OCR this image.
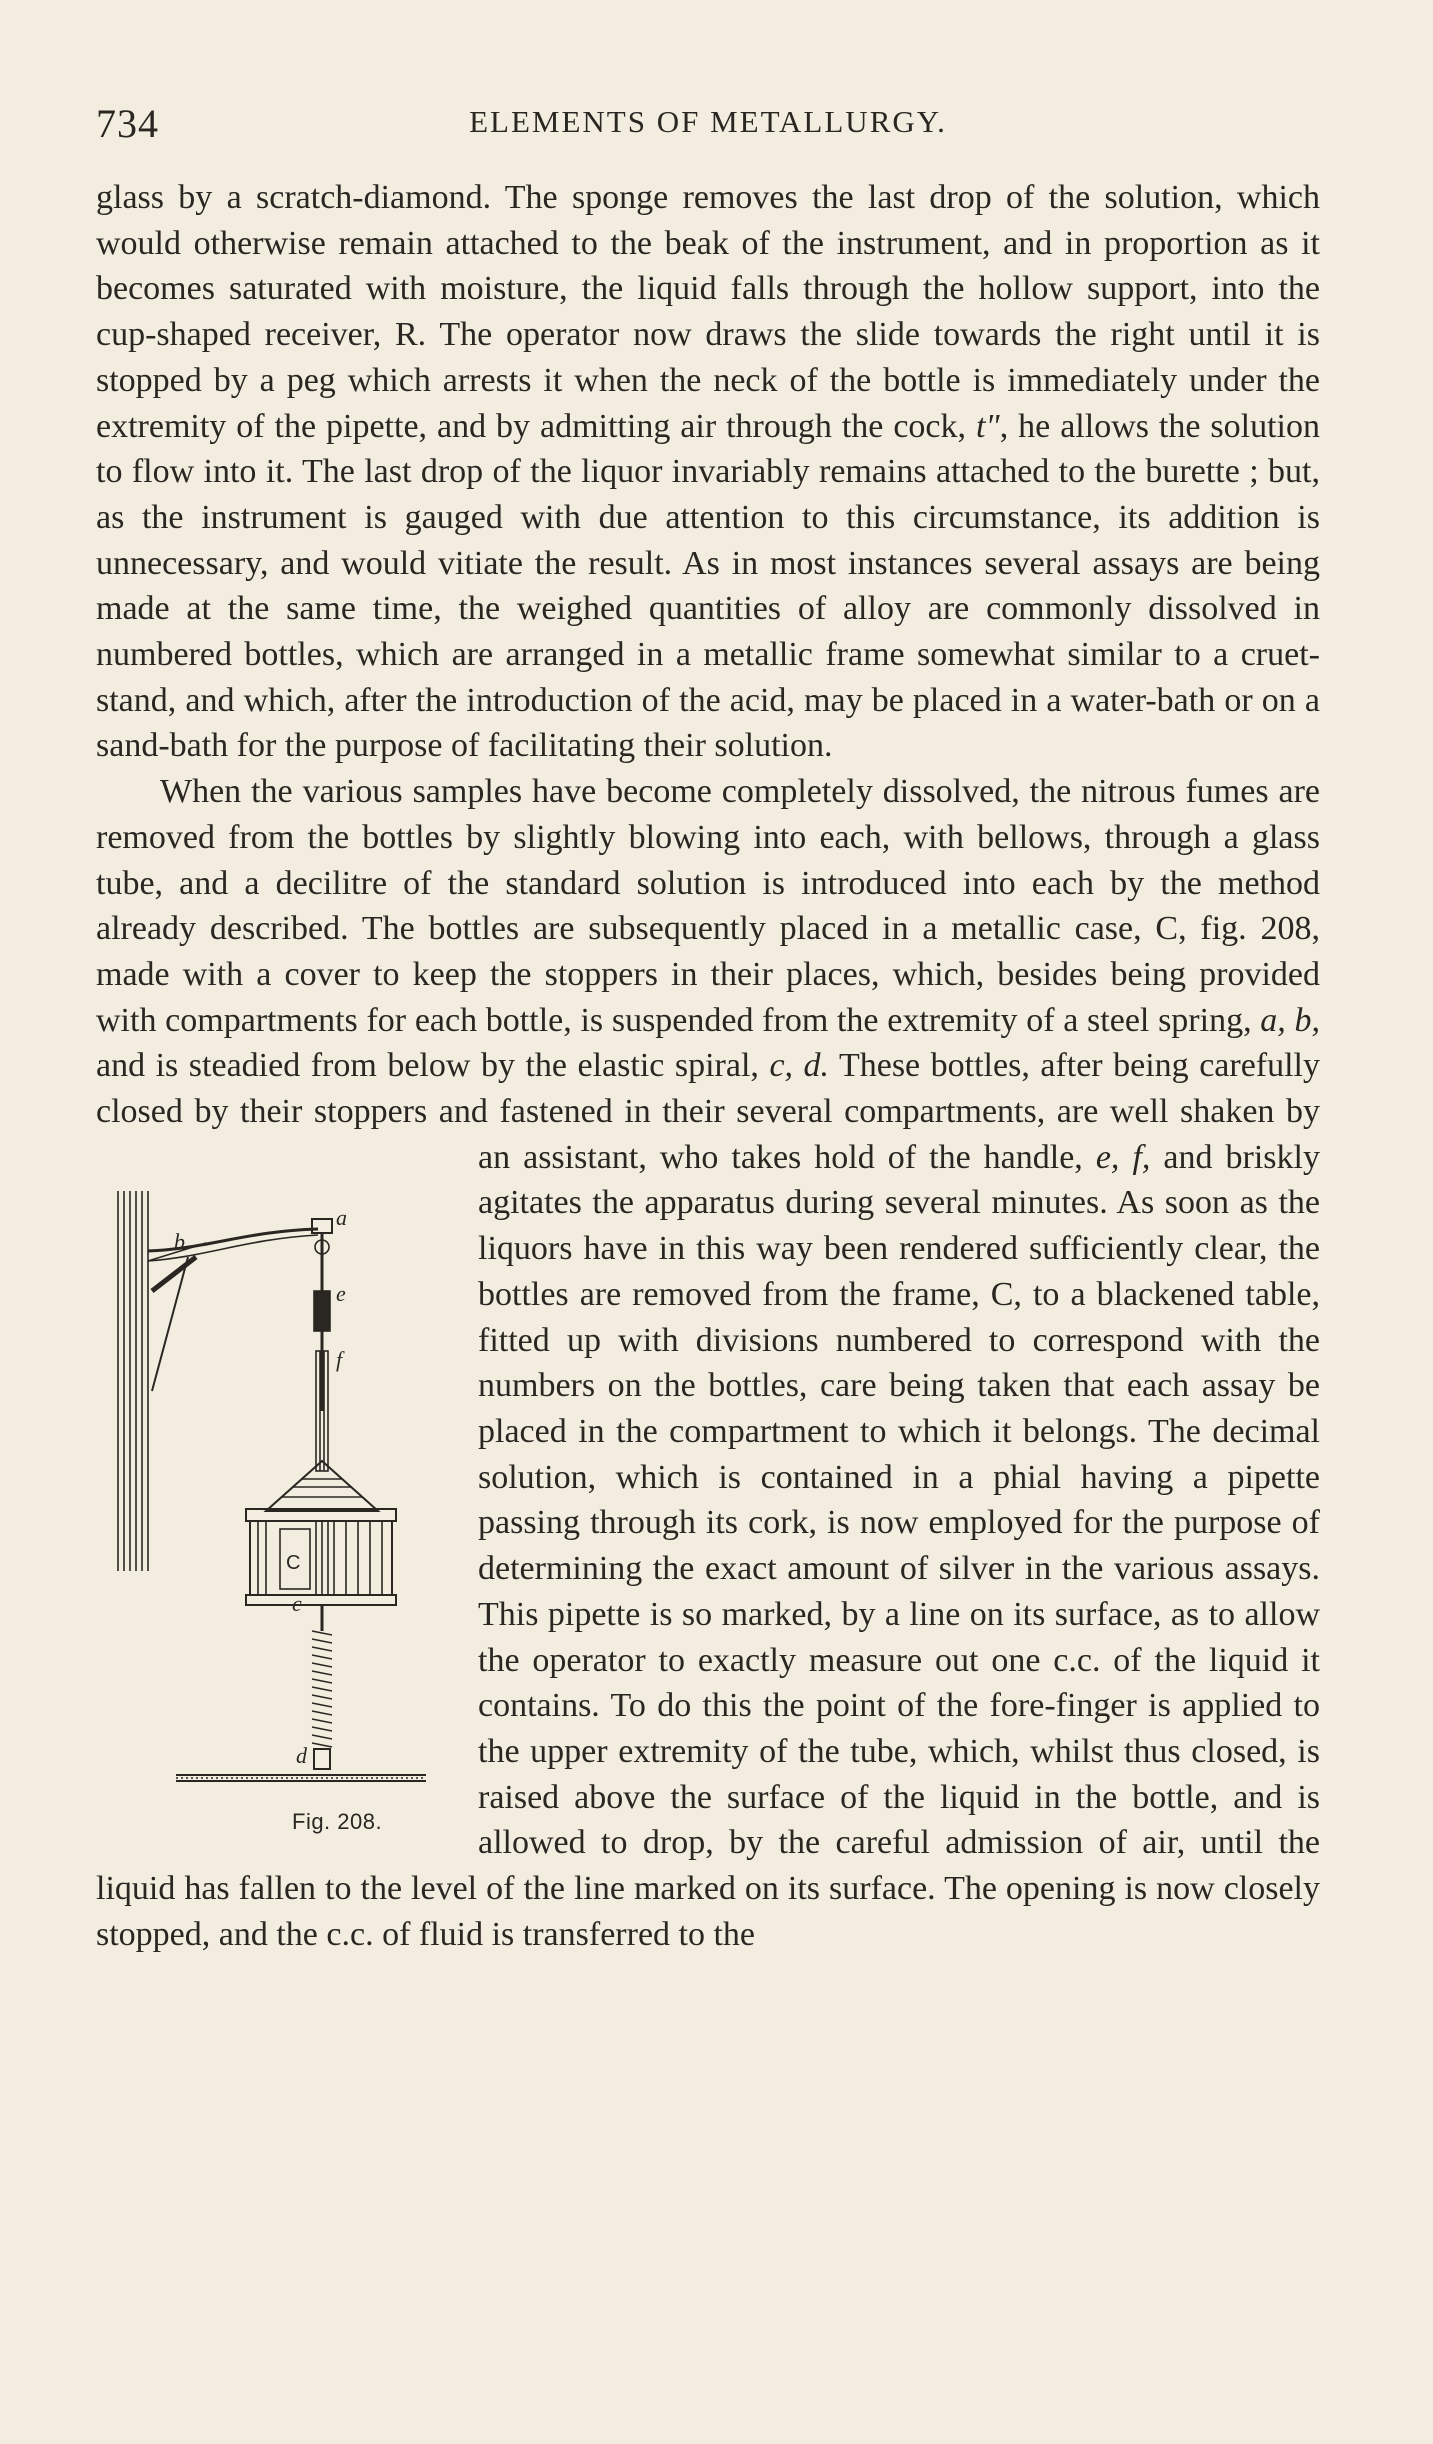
734	ELEMENTS OF METALLURGY.

glass by a scratch-diamond. The sponge removes the last drop of the solution, which would otherwise remain attached to the beak of the instrument, and in proportion as it becomes saturated with moisture, the liquid falls through the hollow support, into the cup-shaped receiver, R. The operator now draws the slide towards the right until it is stopped by a peg which arrests it when the neck of the bottle is immediately under the extremity of the pipette, and by admitting air through the cock, t", he allows the solution to flow into it. The last drop of the liquor invariably remains attached to the burette ; but, as the instrument is gauged with due attention to this circumstance, its addition is unnecessary, and would vitiate the result. As in most instances several assays are being made at the same time, the weighed quantities of alloy are commonly dissolved in numbered bottles, which are arranged in a metallic frame somewhat similar to a cruet-stand, and which, after the introduction of the acid, may be placed in a water-bath or on a sand-bath for the purpose of facilitating their solution.

When the various samples have become completely dissolved, the nitrous fumes are removed from the bottles by slightly blowing into each, with bellows, through a glass tube, and a decilitre of the standard solution is introduced into each by the method already described. The bottles are subsequently placed in a metallic case, C, fig. 208, made with a cover to keep the stoppers in their places, which, besides being provided with compartments for each bottle, is suspended from the extremity of a steel spring, a, b, and is steadied from below by the elastic spiral, c, d. These bottles, after being carefully closed by their stoppers and fastened in their several compartments, are well shaken by an assistant, who takes hold of the handle,
b
a
e
f
c
d
C
Fig. 208.
e, f, and briskly agitates the apparatus during several minutes. As soon as the liquors have in this way been rendered sufficiently clear, the bottles are removed from the frame, C, to a blackened table, fitted up with divisions numbered to correspond with the numbers on the bottles, care being taken that each assay be placed in the compartment to which it belongs. The decimal solution, which is contained in a phial having a pipette passing through its cork, is now employed for the purpose of determining the exact amount of silver in the various assays. This pipette is so marked, by a line on its surface, as to allow the operator to exactly measure out one c.c. of the liquid it contains. To do this the point of the fore-finger is applied to the upper extremity of the tube, which, whilst thus closed, is raised above the surface of the liquid in the bottle, and is allowed to drop, by the careful admission of air, until the liquid has fallen to the level of the line marked on its surface. The opening is now closely stopped, and the c.c. of fluid is transferred to the
